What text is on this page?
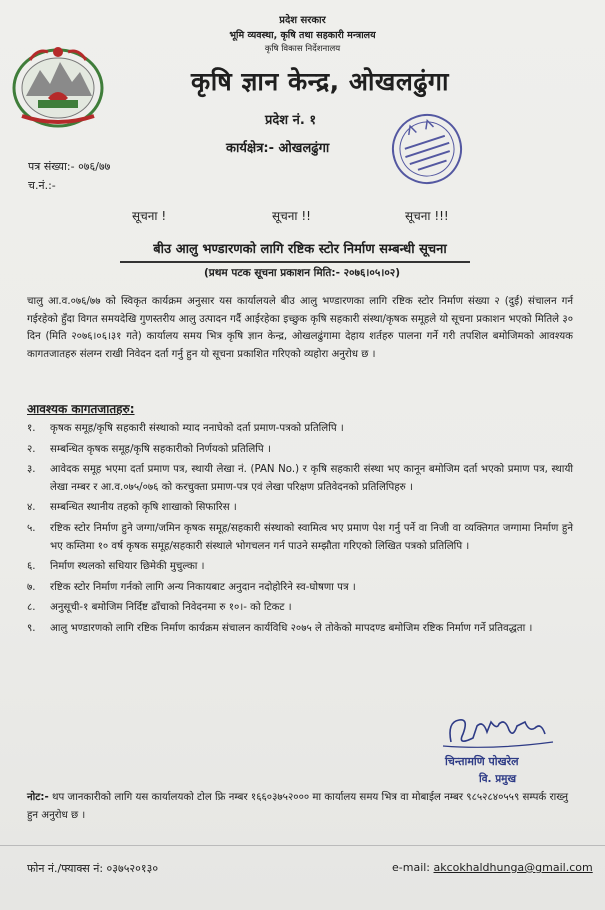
प्रदेश सरकार
भूमि व्यवस्था, कृषि तथा सहकारी मन्त्रालय
कृषि विकास निर्देशनालय
कृषि ज्ञान केन्द्र, ओखलढुंगा
प्रदेश नं. १
कार्यक्षेत्र:- ओखलढुंगा
पत्र संख्या:- ०७६/७७
च.नं.:-
सूचना !	सूचना !!	सूचना !!!
बीउ आलु भण्डारणको लागि रष्टिक स्टोर निर्माण सम्बन्धी सूचना
(प्रथम पटक सूचना प्रकाशन मिति:- २०७६।०५।०२)
चालु आ.व.०७६/७७ को स्विकृत कार्यक्रम अनुसार यस कार्यालयले बीउ आलु भण्डारणका लागि रष्टिक स्टोर निर्माण संख्या २ (दुई) संचालन गर्न गईरहेको हुँदा विगत समयदेखि गुणस्तरीय आलु उत्पादन गर्दै आईरहेका इच्छुक कृषि सहकारी संस्था/कृषक समूहले यो सूचना प्रकाशन भएको मितिले ३० दिन (मिति २०७६।०६।३१ गते) कार्यालय समय भित्र कृषि ज्ञान केन्द्र, ओखलढुंगामा देहाय शर्तहरु पालना गर्ने गरी तपशिल बमोजिमको आवश्यक कागतजातहरु संलग्न राखी निवेदन दर्ता गर्नु हुन यो सूचना प्रकाशित गरिएको व्यहोरा अनुरोध छ ।
आवश्यक कागतजातहरु:
१.	कृषक समूह/कृषि सहकारी संस्थाको म्याद ननाघेको दर्ता प्रमाण-पत्रको प्रतिलिपि ।
२.	सम्बन्धित कृषक समूह/कृषि सहकारीको निर्णयको प्रतिलिपि ।
३.	आवेदक समूह भएमा दर्ता प्रमाण पत्र, स्थायी लेखा नं. (PAN No.) र कृषि सहकारी संस्था भए कानून बमोजिम दर्ता भएको प्रमाण पत्र, स्थायी लेखा नम्बर र आ.व.०७५/०७६ को करचुक्ता प्रमाण-पत्र एवं लेखा परिक्षण प्रतिवेदनको प्रतिलिपिहरु ।
४.	सम्बन्धित स्थानीय तहको कृषि शाखाको सिफारिस ।
५.	रष्टिक स्टोर निर्माण हुने जग्गा/जमिन कृषक समूह/सहकारी संस्थाको स्वामित्व भए प्रमाण पेश गर्नु पर्ने वा निजी वा व्यक्तिगत जग्गामा निर्माण हुने भए कम्तिमा १० वर्ष कृषक समूह/सहकारी संस्थाले भोगचलन गर्न पाउने सम्झौता गरिएको लिखित पत्रको प्रतिलिपि ।
६.	निर्माण स्थलको सधियार छिमेकी मुचुल्का ।
७.	रष्टिक स्टोर निर्माण गर्नको लागि अन्य निकायबाट अनुदान नदोहोरिने स्व-घोषणा पत्र ।
८.	अनुसूची-१ बमोजिम निर्दिष्ट ढाँचाको निवेदनमा रु १०।- को टिकट ।
९.	आलु भण्डारणको लागि रष्टिक निर्माण कार्यक्रम संचालन कार्यविधि २०७५ ले तोकेको मापदण्ड बमोजिम रष्टिक निर्माण गर्ने प्रतिवद्धता ।
चिन्तामणि पोखरेल
वि. प्रमुख
नोट:- थप जानकारीको लागि यस कार्यालयको टोल फ्रि नम्बर १६६०३७५२००० मा कार्यालय समय भित्र वा मोबाईल नम्बर ९८५२८४०५५९ सम्पर्क राख्नु हुन अनुरोध छ ।
फोन नं./फ्याक्स नं: ०३७५२०१३०	e-mail: akcokhaldhunga@gmail.com
